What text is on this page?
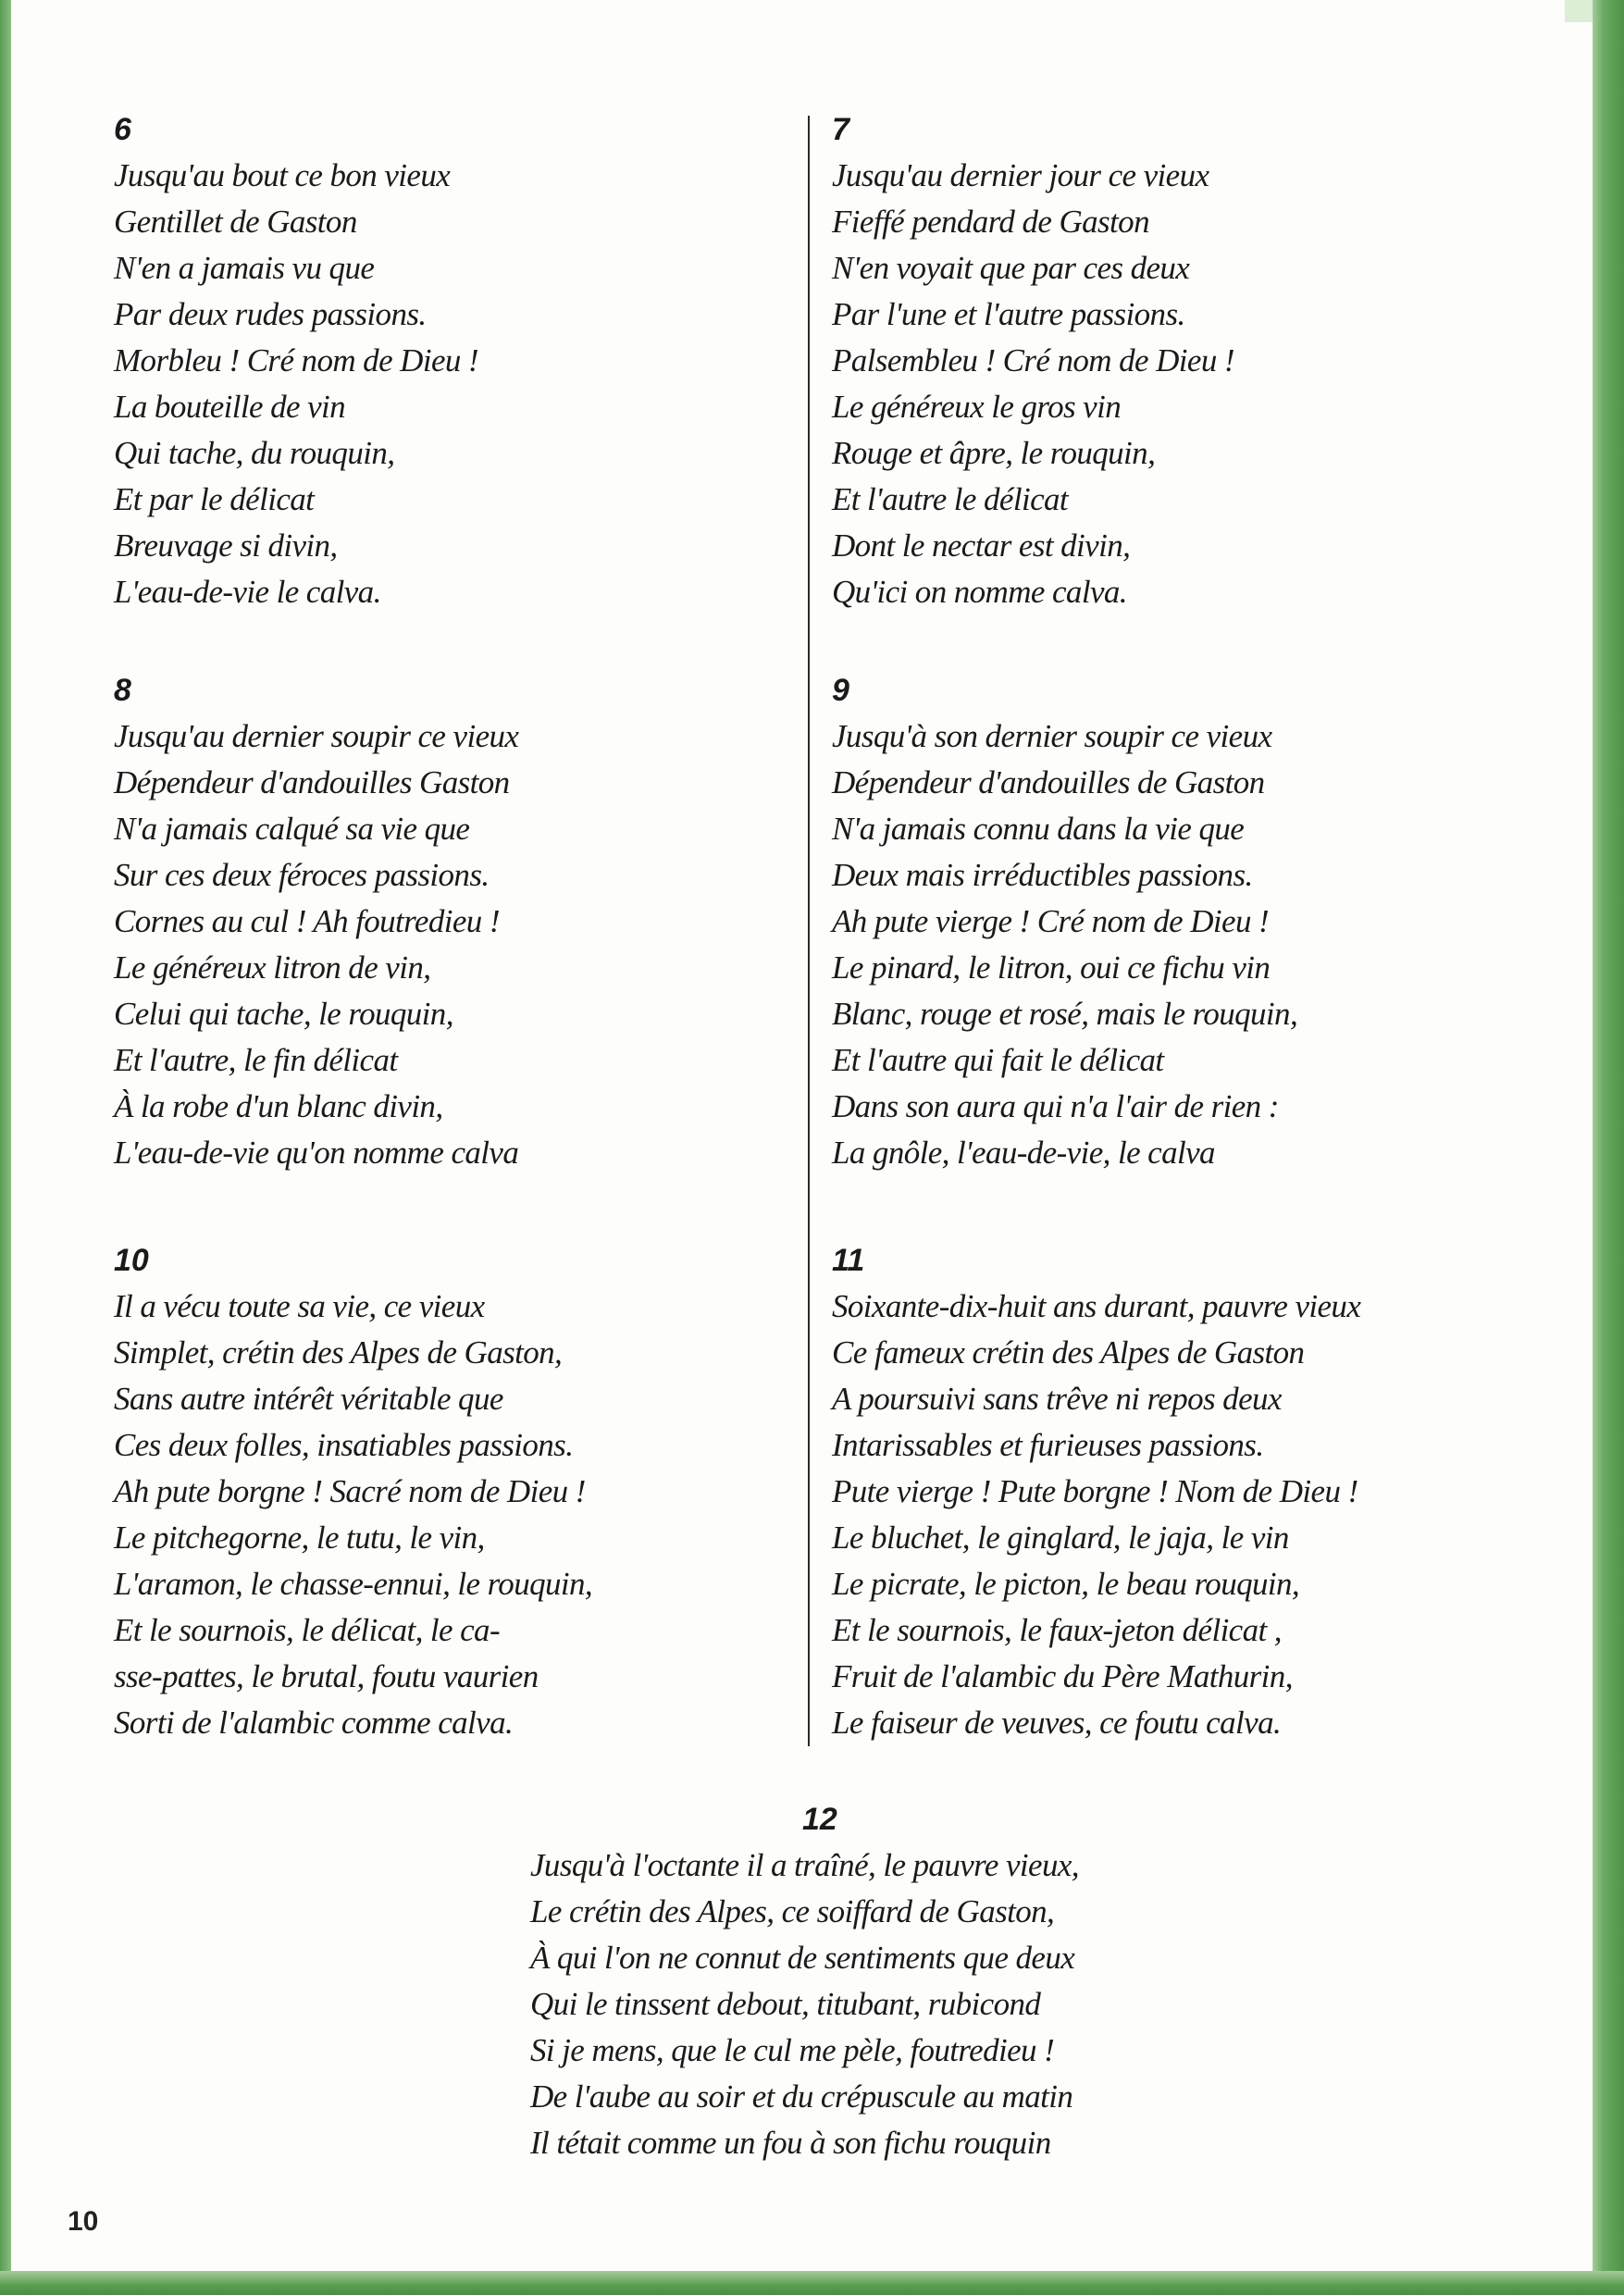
6
Jusqu'au bout ce bon vieux
Gentillet de Gaston
N'en a jamais vu que
Par deux rudes passions.
Morbleu ! Cré nom de Dieu !
La bouteille de vin
Qui tache, du rouquin,
Et par le délicat
Breuvage si divin,
L'eau-de-vie le calva.
7
Jusqu'au dernier jour ce vieux
Fieffé pendard de Gaston
N'en voyait que par ces deux
Par l'une et l'autre passions.
Palsembleu ! Cré nom de Dieu !
Le généreux le gros vin
Rouge et âpre, le rouquin,
Et l'autre le délicat
Dont le nectar est divin,
Qu'ici on nomme calva.
8
Jusqu'au dernier soupir ce vieux
Dépendeur d'andouilles Gaston
N'a jamais calqué sa vie que
Sur ces deux féroces passions.
Cornes au cul ! Ah foutredieu !
Le généreux litron de vin,
Celui qui tache, le rouquin,
Et l'autre, le fin délicat
À la robe d'un blanc divin,
L'eau-de-vie qu'on nomme calva
9
Jusqu'à son dernier soupir ce vieux
Dépendeur d'andouilles de Gaston
N'a jamais connu dans la vie que
Deux mais irréductibles passions.
Ah pute vierge ! Cré nom de Dieu !
Le pinard, le litron, oui ce fichu vin
Blanc, rouge et rosé, mais le rouquin,
Et l'autre qui fait le délicat
Dans son aura qui n'a l'air de rien :
La gnôle, l'eau-de-vie, le calva
10
Il a vécu toute sa vie, ce vieux
Simplet, crétin des Alpes de Gaston,
Sans autre intérêt véritable que
Ces deux folles, insatiables passions.
Ah pute borgne ! Sacré nom de Dieu !
Le pitchegorne, le tutu, le vin,
L'aramon, le chasse-ennui, le rouquin,
Et le sournois, le délicat, le ca-
sse-pattes, le brutal, foutu vaurien
Sorti de l'alambic comme calva.
11
Soixante-dix-huit ans durant, pauvre vieux
Ce fameux crétin des Alpes de Gaston
A poursuivi sans trêve ni repos deux
Intarissables et furieuses passions.
Pute vierge ! Pute borgne ! Nom de Dieu !
Le bluchet, le ginglard, le jaja, le vin
Le picrate, le picton, le beau rouquin,
Et le sournois, le faux-jeton délicat ,
Fruit de l'alambic du Père Mathurin,
Le faiseur de veuves, ce foutu calva.
12
Jusqu'à l'octante il a traîné, le pauvre vieux,
Le crétin des Alpes, ce soiffard de Gaston,
À qui l'on ne connut de sentiments que deux
Qui le tinssent debout, titubant, rubicond
Si je mens, que le cul me pèle, foutredieu !
De l'aube au soir et du crépuscule au matin
Il tétait comme un fou à son fichu rouquin
10
